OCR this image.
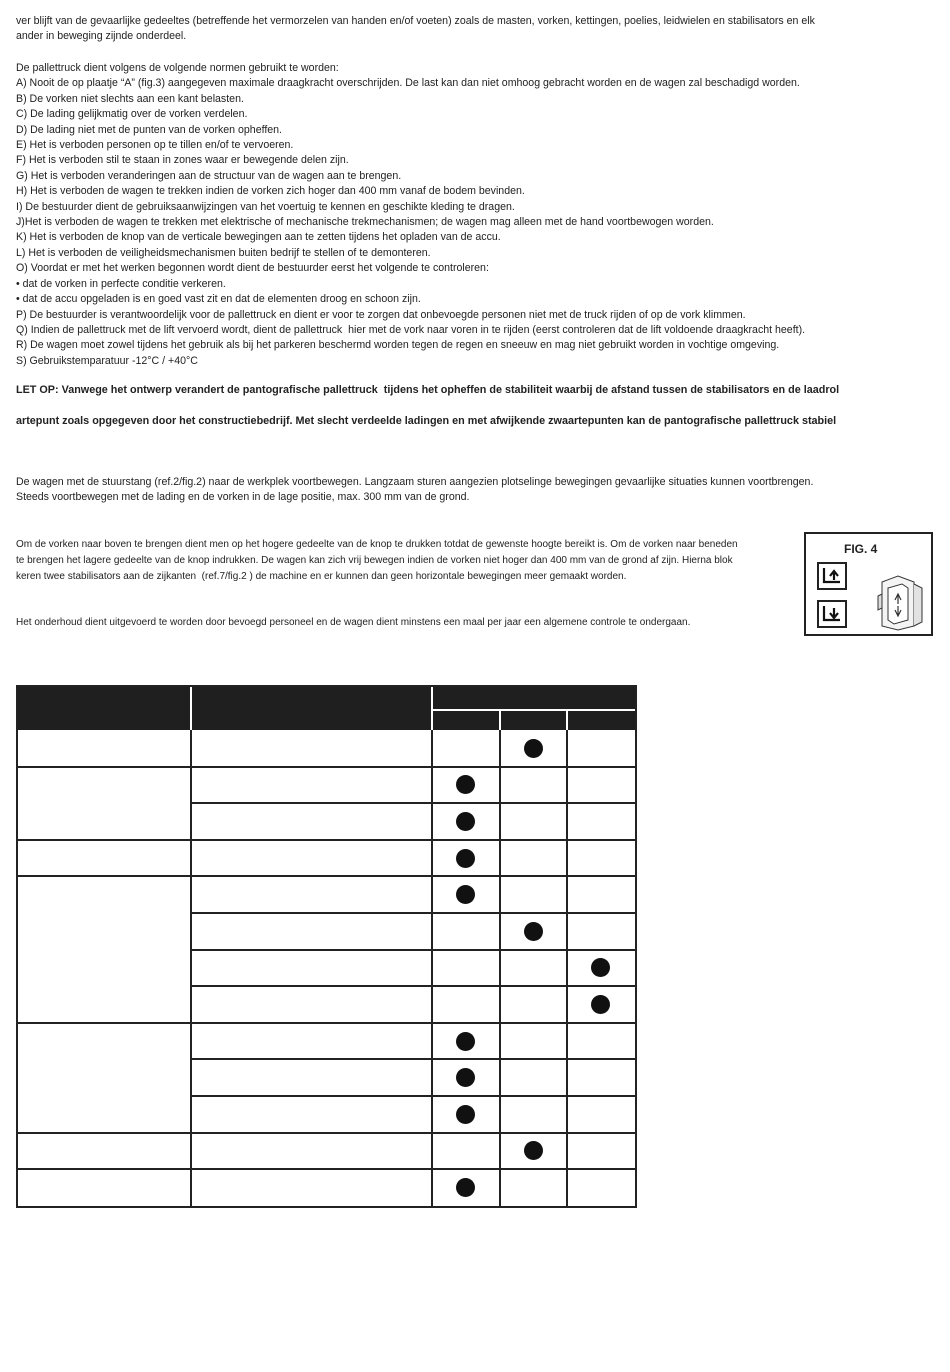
ver blijft van de gevaarlijke gedeeltes (betreffende het vermorzelen van handen en/of voeten) zoals de masten, vorken, kettingen, poelies, leidwielen en stabilisators en elk
ander in beweging zijnde onderdeel.
De pallettruck dient volgens de volgende normen gebruikt te worden:
A) Nooit de op plaatje “A” (fig.3) aangegeven maximale draagkracht overschrijden. De last kan dan niet omhoog gebracht worden en de wagen zal beschadigd worden.
B) De vorken niet slechts aan een kant belasten.
C) De lading gelijkmatig over de vorken verdelen.
D) De lading niet met de punten van de vorken opheffen.
E) Het is verboden personen op te tillen en/of te vervoeren.
F) Het is verboden stil te staan in zones waar er bewegende delen zijn.
G) Het is verboden veranderingen aan de structuur van de wagen aan te brengen.
H) Het is verboden de wagen te trekken indien de vorken zich hoger dan 400 mm vanaf de bodem bevinden.
I) De bestuurder dient de gebruiksaanwijzingen van het voertuig te kennen en geschikte kleding te dragen.
J)Het is verboden de wagen te trekken met elektrische of mechanische trekmechanismen; de wagen mag alleen met de hand voortbewogen worden.
K) Het is verboden de knop van de verticale bewegingen aan te zetten tijdens het opladen van de accu.
L) Het is verboden de veiligheidsmechanismen buiten bedrijf te stellen of te demonteren.
O) Voordat er met het werken begonnen wordt dient de bestuurder eerst het volgende te controleren:
• dat de vorken in perfecte conditie verkeren.
• dat de accu opgeladen is en goed vast zit en dat de elementen droog en schoon zijn.
P) De bestuurder is verantwoordelijk voor de pallettruck en dient er voor te zorgen dat onbevoegde personen niet met de truck rijden of op de vork klimmen.
Q) Indien de pallettruck met de lift vervoerd wordt, dient de pallettruck  hier met de vork naar voren in te rijden (eerst controleren dat de lift voldoende draagkracht heeft).
R) De wagen moet zowel tijdens het gebruik als bij het parkeren beschermd worden tegen de regen en sneeuw en mag niet gebruikt worden in vochtige omgeving.
S) Gebruikstemparatuur -12°C / +40°C
LET OP: Vanwege het ontwerp verandert de pantografische pallettruck  tijdens het opheffen de stabiliteit waarbij de afstand tussen de stabilisators en de laadrol
artepunt zoals opgegeven door het constructiebedrijf. Met slecht verdeelde ladingen en met afwijkende zwaartepunten kan de pantografische pallettruck stabiel
De wagen met de stuurstang (ref.2/fig.2) naar de werkplek voortbewegen. Langzaam sturen aangezien plotselinge bewegingen gevaarlijke situaties kunnen voortbrengen.
Steeds voortbewegen met de lading en de vorken in de lage positie, max. 300 mm van de grond.
Om de vorken naar boven te brengen dient men op het hogere gedeelte van de knop te drukken totdat de gewenste hoogte bereikt is. Om de vorken naar beneden
te brengen het lagere gedeelte van de knop indrukken. De wagen kan zich vrij bewegen indien de vorken niet hoger dan 400 mm van de grond af zijn. Hierna blok
keren twee stabilisators aan de zijkanten  (ref.7/fig.2 ) de machine en er kunnen dan geen horizontale bewegingen meer gemaakt worden.
Het onderhoud dient uitgevoerd te worden door bevoegd personeel en de wagen dient minstens een maal per jaar een algemene controle te ondergaan.
FIG. 4
